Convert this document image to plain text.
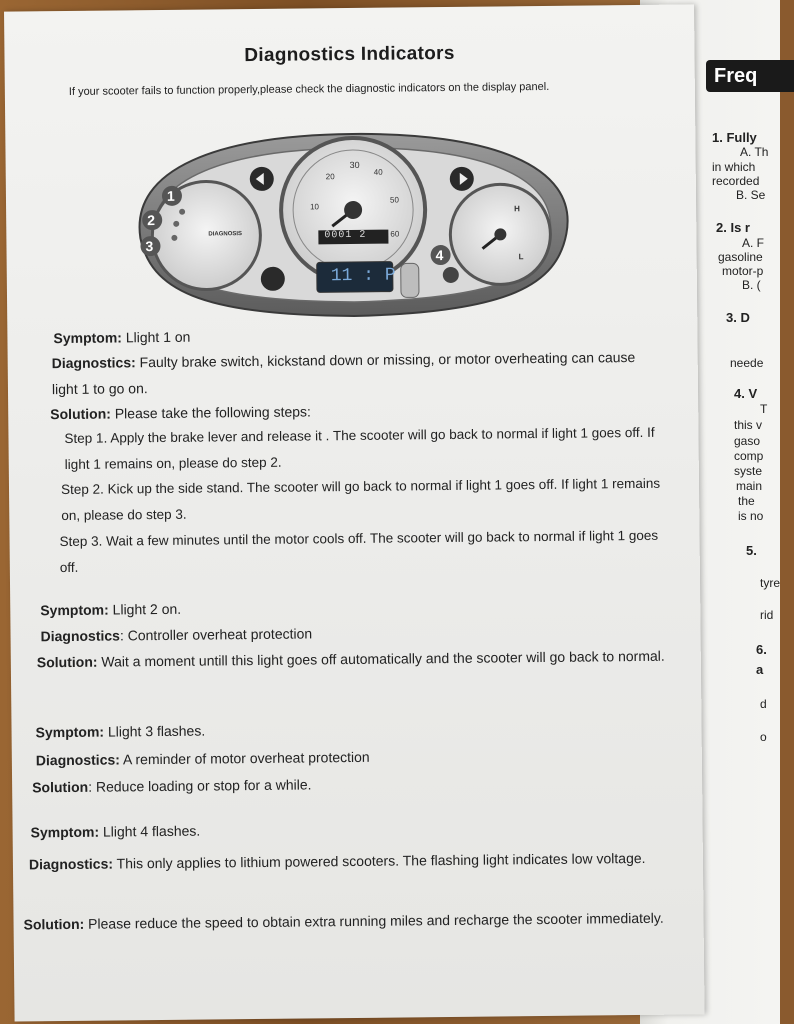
Freq
1. Fully
A. Th
in which
recorded
B. Se
2. Is r
A. F
gasoline
motor-p
B. (
3. D
neede
4. V
T
this v
gaso
comp
syste
main
the
is no
5.
tyre
rid
6.
a
d
o
Diagnostics Indicators
If your scooter fails to function properly,please check the diagnostic indicators on the display panel.
1
2
3
4
DIAGNOSIS	0001 2
11 : P
H
L
10
20
30
40
50
60
Symptom: Llight 1 on
Diagnostics: Faulty brake switch, kickstand down or missing, or motor overheating can cause light 1 to go on.
Solution: Please take the following steps:
Step 1. Apply the brake lever and release it . The scooter will go back to normal if light 1 goes off. If light 1 remains on, please do step 2.
Step 2. Kick up the side stand. The scooter will go back to normal if light 1 goes off. If light 1 remains on, please do step 3.
Step 3. Wait a few minutes until the motor cools off. The scooter will go back to normal if light 1 goes off.
Symptom: Llight 2 on.
Diagnostics: Controller overheat protection
Solution: Wait a moment untill this light goes off automatically and the scooter will go back to normal.
Symptom: Llight 3 flashes.
Diagnostics: A reminder of motor overheat protection
Solution: Reduce loading or stop for a while.
Symptom: Llight 4 flashes.
Diagnostics: This only applies to lithium powered scooters. The flashing light indicates low voltage.
Solution: Please reduce the speed to obtain extra running miles and recharge the scooter immediately.
